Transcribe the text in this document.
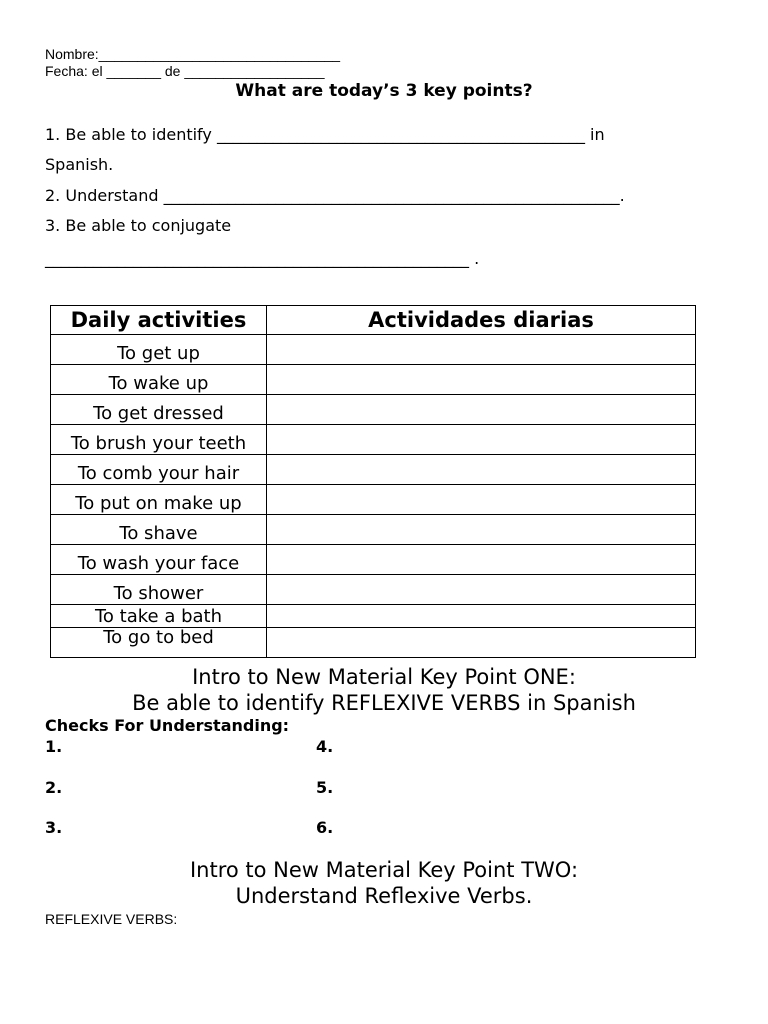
Nombre:_______________________________
Fecha: el _______ de __________________
What are today’s 3 key points?
1. Be able to identify ______________________________________________ in
Spanish.
2. Understand _________________________________________________________.
3. Be able to conjugate
_____________________________________________________ .
Daily activities	Actividades diarias
To get up	
To wake up	
To get dressed	
To brush your teeth	
To comb your hair	
To put on make up	
To shave	
To wash your face	
To shower	
To take a bath	
To go to bed	
Intro to New Material Key Point ONE:
Be able to identify REFLEXIVE VERBS in Spanish
Checks For Understanding:
1.
2.
3.
4.
5.
6.
Intro to New Material Key Point TWO:
Understand Reflexive Verbs.
REFLEXIVE VERBS:
